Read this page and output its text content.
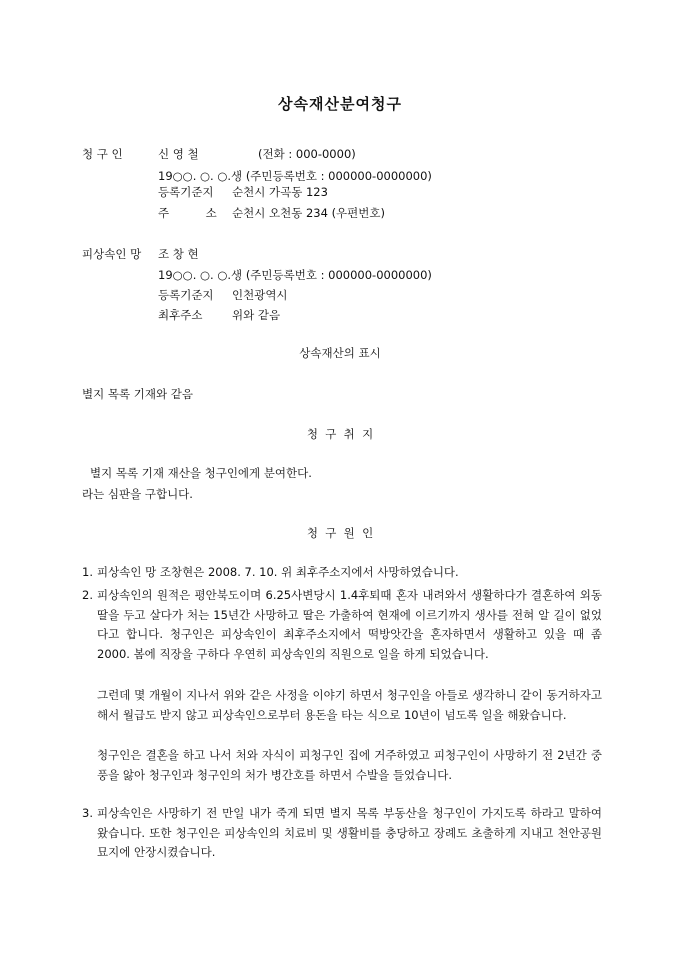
상속재산분여청구
청 구 인	신 영 철	(전화 : 000-0000)
19○○. ○. ○.생 (주민등록번호 : 000000-0000000)
등록기준지 순천시 가곡동 123
주          소 순천시 오천동 234 (우편번호)
피상속인 망 조 창 현
19○○. ○. ○.생 (주민등록번호 : 000000-0000000)
등록기준지 인천광역시
최후주소	위와 같음
상속재산의 표시
별지 목록 기재와 같음
청  구  취  지
별지 목록 기재 재산을 청구인에게 분여한다.
라는 심판을 구합니다.
청  구  원  인
1. 피상속인 망 조창현은 2008. 7. 10. 위 최후주소지에서 사망하였습니다.
2. 피상속인의 원적은 평안북도이며 6.25사변당시 1.4후퇴때 혼자 내려와서 생활하다가 결혼하여 외동딸을 두고 살다가 처는 15년간 사망하고 딸은 가출하여 현재에 이르기까지 생사를 전혀 알 길이 없었다고 합니다. 청구인은 피상속인이 최후주소지에서 떡방앗간을 혼자하면서 생활하고 있을 때 좀 2000. 봄에 직장을 구하다 우연히 피상속인의 직원으로 일을 하게 되었습니다.
그런데 몇 개월이 지나서 위와 같은 사정을 이야기 하면서 청구인을 아들로 생각하니 같이 동거하자고 해서 월급도 받지 않고 피상속인으로부터 용돈을 타는 식으로 10년이 넘도록 일을 해왔습니다.
청구인은 결혼을 하고 나서 처와 자식이 피청구인 집에 거주하였고 피청구인이 사망하기 전 2년간 중풍을 앓아 청구인과 청구인의 처가 병간호를 하면서 수발을 들었습니다.
3. 피상속인은 사망하기 전 만일 내가 죽게 되면 별지 목록 부동산을 청구인이 가지도록 하라고 말하여 왔습니다. 또한 청구인은 피상속인의 치료비 및 생활비를 충당하고 장례도 초출하게 지내고 천안공원묘지에 안장시켰습니다.
